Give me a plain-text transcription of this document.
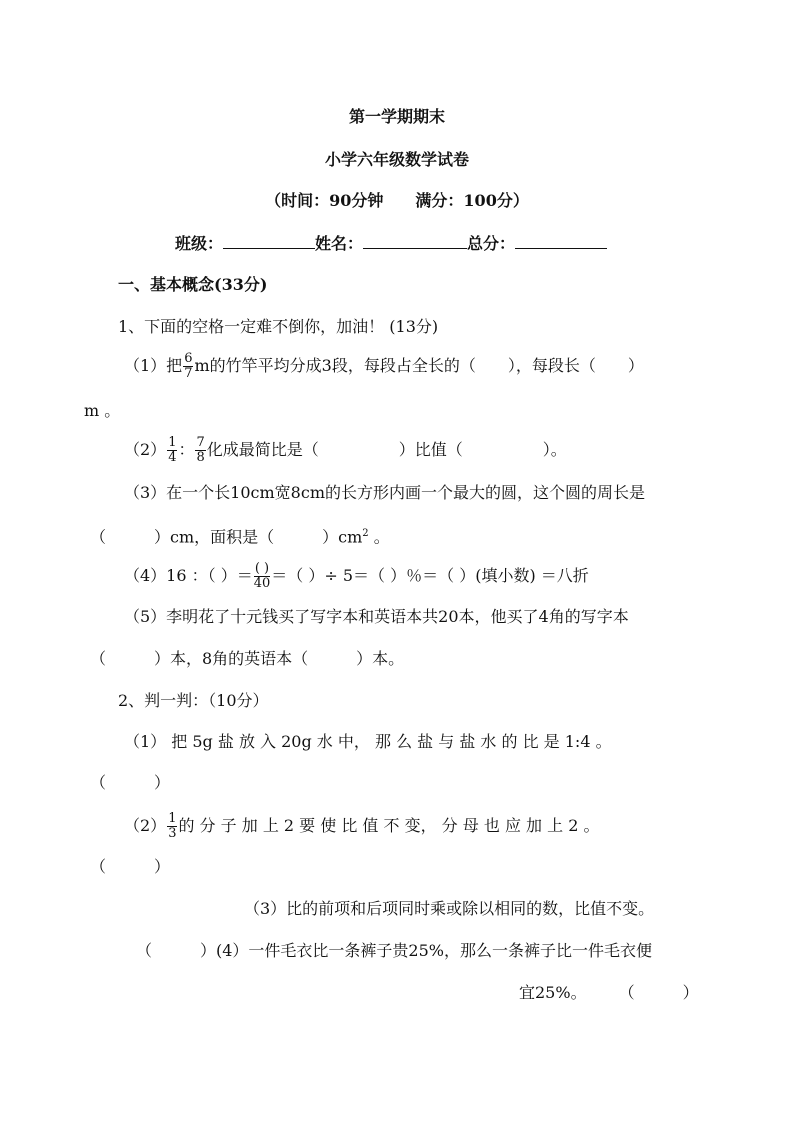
第一学期期末
小学六年级数学试卷
（时间：90分钟　　满分：100分）
班级：	姓名：	总分：
一、基本概念(33分)
1、下面的空格一定难不倒你，加油！ (13分)
（1）把 $\frac{6}{7}$ m的竹竿平均分成3段，每段占全长的（　　），每段长（　　）
m 。
$(2) \frac{1}{4}$ ： $\frac{7}{8}$ 化成最简比是（　　　　　）比值（　　　　　）。
（3）在一个长10cm宽8cm的长方形内画一个最大的圆，这个圆的周长是
（　　　）cm，面积是（　　　）$cm^2$ 。
（4）16 ：（ ）＝ $\frac{( )}{40}$ ＝（ ）÷ 5＝（ ）％＝（ ）(填小数) ＝八折
（5）李明花了十元钱买了写字本和英语本共20本，他买了4角的写字本
（　　　）本，8角的英语本（　　　）本。
2、判一判：（10分）
（1） 把 5g 盐 放 入 20g 水 中， 那 么 盐 与 盐 水 的 比 是 1:4 。
（　　　）
$(2) \frac{1}{3}$ 的 分 子 加 上 2 要 使 比 值 不 变， 分 母 也 应 加 上 2 。
（　　　）
（3）比的前项和后项同时乘或除以相同的数，比值不变。
（　　　）(4）一件毛衣比一条裤子贵25%，那么一条裤子比一件毛衣便
宜25%。　　　（　　　）
